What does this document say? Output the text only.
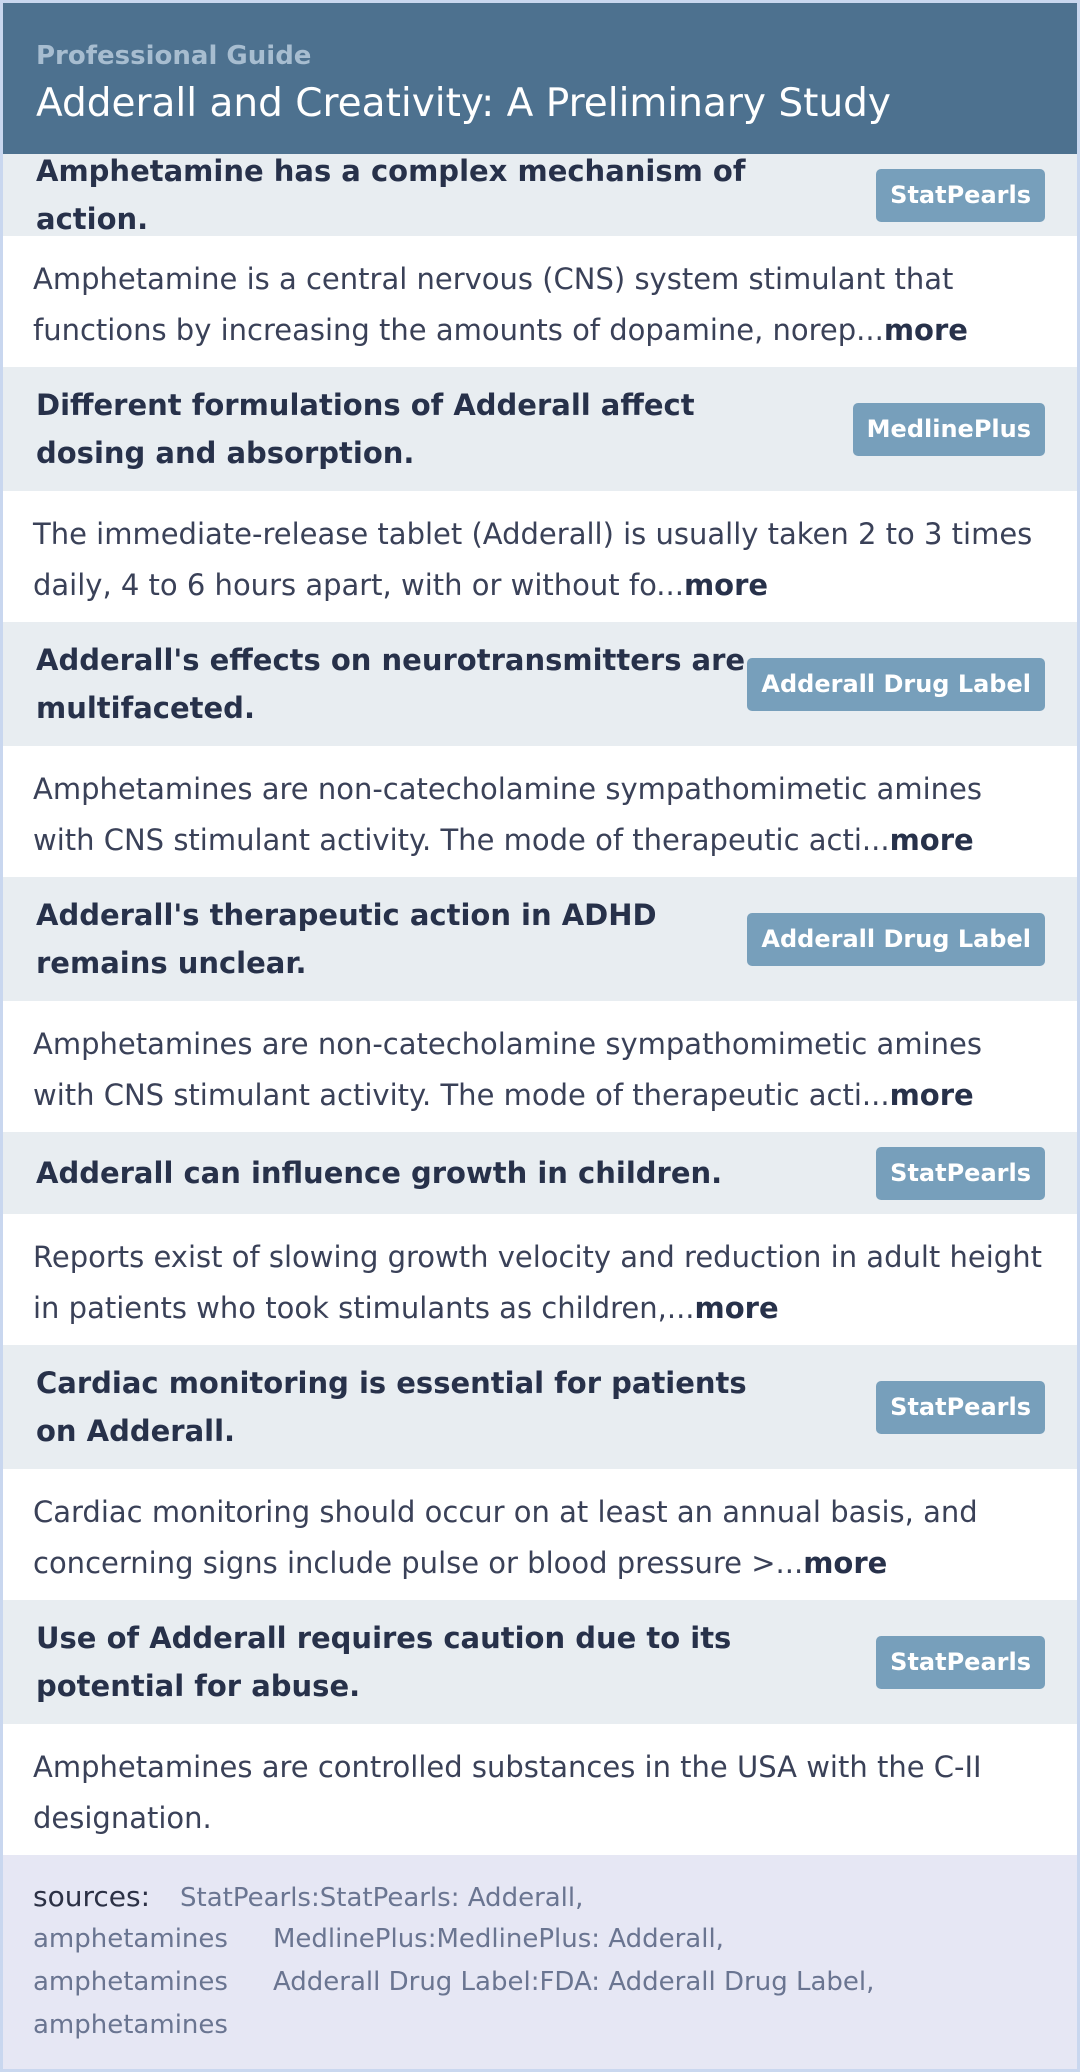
Professional Guide
Adderall and Creativity: A Preliminary Study
Amphetamine has a complex mechanism of action.
StatPearls
Amphetamine is a central nervous (CNS) system stimulant that functions by increasing the amounts of dopamine, norep...more
Different formulations of Adderall affect dosing and absorption.
MedlinePlus
The immediate-release tablet (Adderall) is usually taken 2 to 3 times daily, 4 to 6 hours apart, with or without fo...more
Adderall's effects on neurotransmitters are multifaceted.
Adderall Drug Label
Amphetamines are non-catecholamine sympathomimetic amines with CNS stimulant activity. The mode of therapeutic acti...more
Adderall's therapeutic action in ADHD remains unclear.
Adderall Drug Label
Amphetamines are non-catecholamine sympathomimetic amines with CNS stimulant activity. The mode of therapeutic acti...more
Adderall can influence growth in children.	StatPearls
Reports exist of slowing growth velocity and reduction in adult height in patients who took stimulants as children,...more
Cardiac monitoring is essential for patients on Adderall.
StatPearls
Cardiac monitoring should occur on at least an annual basis, and concerning signs include pulse or blood pressure >...more
Use of Adderall requires caution due to its potential for abuse.
StatPearls
Amphetamines are controlled substances in the USA with the C-II designation.
sources: StatPearls:StatPearls: Adderall,
amphetamines MedlinePlus:MedlinePlus: Adderall,
amphetamines Adderall Drug Label:FDA: Adderall Drug Label,
amphetamines
